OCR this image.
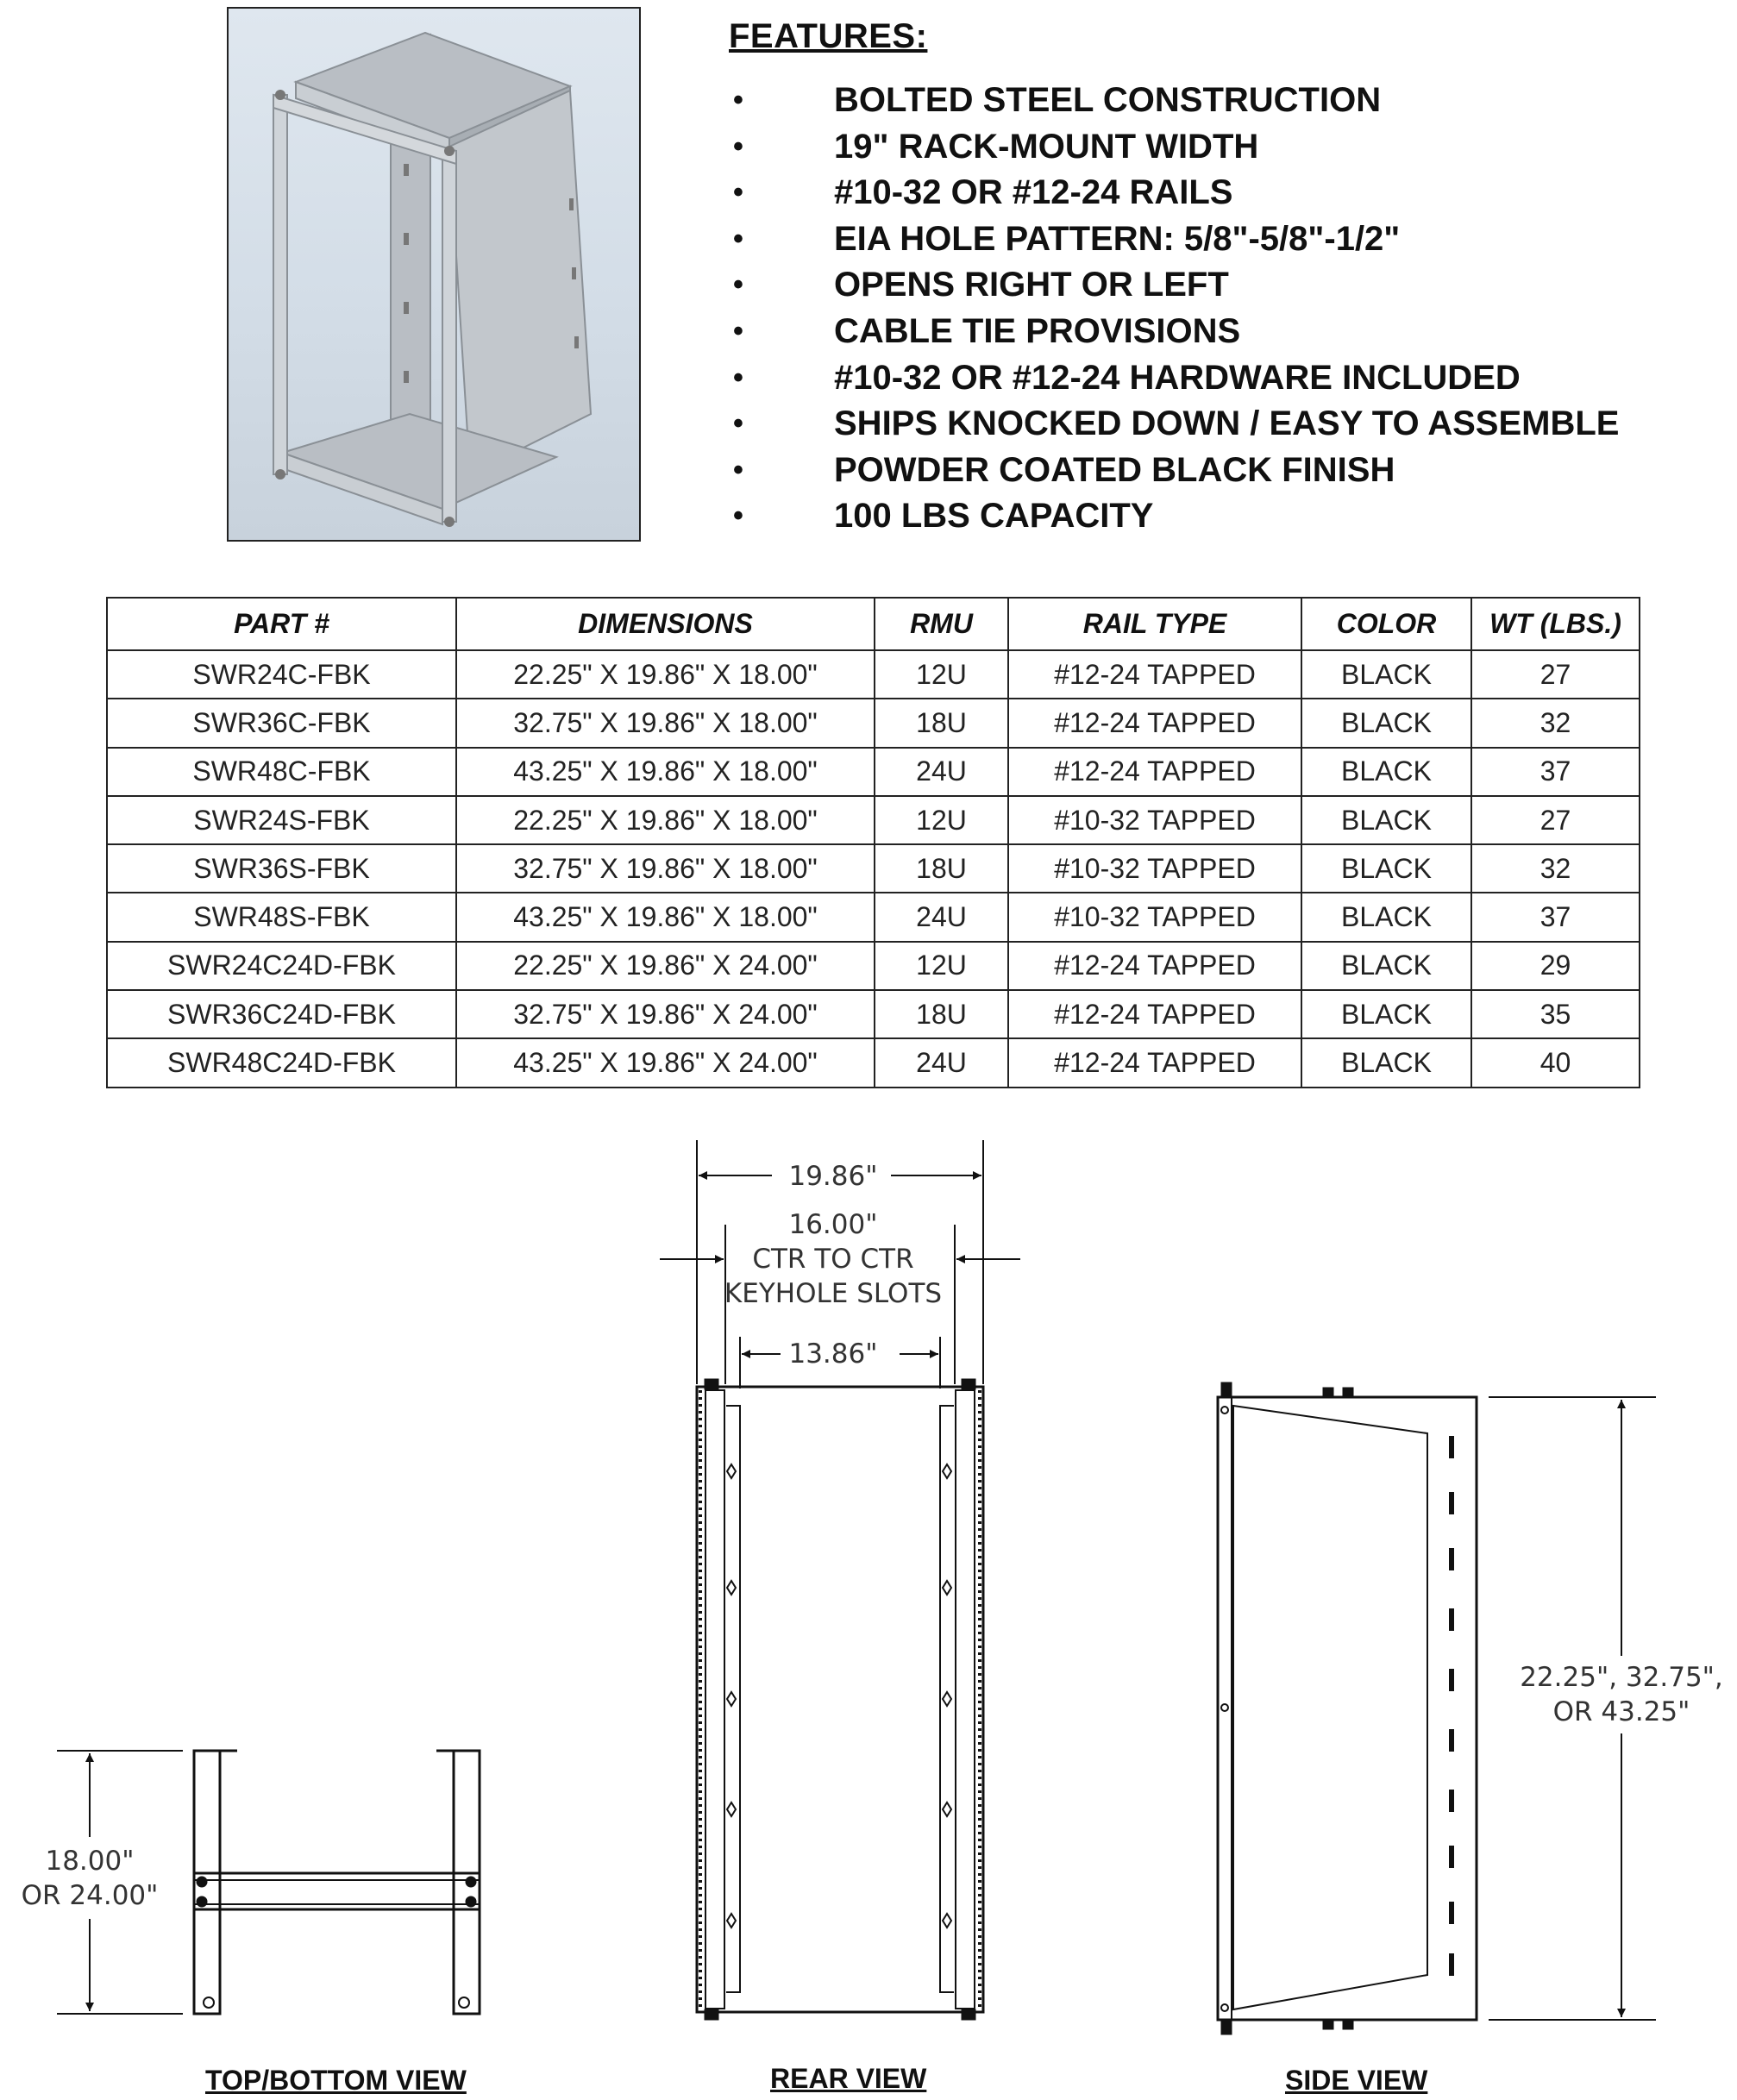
FEATURES:
•	BOLTED STEEL CONSTRUCTION
•	19" RACK-MOUNT WIDTH
•	#10-32 OR #12-24 RAILS
•	EIA HOLE PATTERN: 5/8"-5/8"-1/2"
•	OPENS RIGHT OR LEFT
•	CABLE TIE PROVISIONS
•	#10-32 OR #12-24 HARDWARE INCLUDED
•	SHIPS KNOCKED DOWN / EASY TO ASSEMBLE
•	POWDER COATED BLACK FINISH
•	100 LBS CAPACITY
PART #	DIMENSIONS	RMU	RAIL TYPE	COLOR	WT (LBS.)
SWR24C-FBK	22.25" X 19.86" X 18.00"	12U	#12-24 TAPPED	BLACK	27
SWR36C-FBK	32.75" X 19.86" X 18.00"	18U	#12-24 TAPPED	BLACK	32
SWR48C-FBK	43.25" X 19.86" X 18.00"	24U	#12-24 TAPPED	BLACK	37
SWR24S-FBK	22.25" X 19.86" X 18.00"	12U	#10-32 TAPPED	BLACK	27
SWR36S-FBK	32.75" X 19.86" X 18.00"	18U	#10-32 TAPPED	BLACK	32
SWR48S-FBK	43.25" X 19.86" X 18.00"	24U	#10-32 TAPPED	BLACK	37
SWR24C24D-FBK	22.25" X 19.86" X 24.00"	12U	#12-24 TAPPED	BLACK	29
SWR36C24D-FBK	32.75" X 19.86" X 24.00"	18U	#12-24 TAPPED	BLACK	35
SWR48C24D-FBK	43.25" X 19.86" X 24.00"	24U	#12-24 TAPPED	BLACK	40
19.86"
16.00"
CTR TO CTR
KEYHOLE SLOTS
13.86"
22.25", 32.75",
OR 43.25"
18.00"
OR 24.00"
TOP/BOTTOM VIEW	REAR VIEW	SIDE VIEW
